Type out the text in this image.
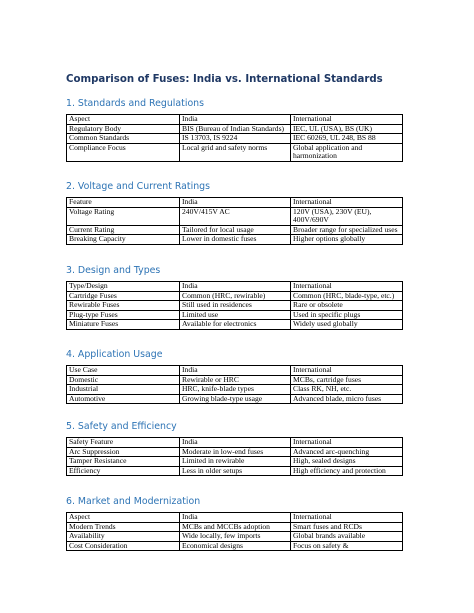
Comparison of Fuses: India vs. International Standards
1. Standards and Regulations
Aspect	India	International
Regulatory Body	BIS (Bureau of Indian Standards)	IEC, UL (USA), BS (UK)
Common Standards	IS 13703, IS 9224	IEC 60269, UL 248, BS 88
Compliance Focus	Local grid and safety norms	Global application and harmonization
2. Voltage and Current Ratings
Feature	India	International
Voltage Rating	240V/415V AC	120V (USA), 230V (EU), 400V/690V
Current Rating	Tailored for local usage	Broader range for specialized uses
Breaking Capacity	Lower in domestic fuses	Higher options globally
3. Design and Types
Type/Design	India	International
Cartridge Fuses	Common (HRC, rewirable)	Common (HRC, blade-type, etc.)
Rewirable Fuses	Still used in residences	Rare or obsolete
Plug-type Fuses	Limited use	Used in specific plugs
Miniature Fuses	Available for electronics	Widely used globally
4. Application Usage
Use Case	India	International
Domestic	Rewirable or HRC	MCBs, cartridge fuses
Industrial	HRC, knife-blade types	Class RK, NH, etc.
Automotive	Growing blade-type usage	Advanced blade, micro fuses
5. Safety and Efficiency
Safety Feature	India	International
Arc Suppression	Moderate in low-end fuses	Advanced arc-quenching
Tamper Resistance	Limited in rewirable	High, sealed designs
Efficiency	Less in older setups	High efficiency and protection
6. Market and Modernization
Aspect	India	International
Modern Trends	MCBs and MCCBs adoption	Smart fuses and RCDs
Availability	Wide locally, few imports	Global brands available
Cost Consideration	Economical designs	Focus on safety &
